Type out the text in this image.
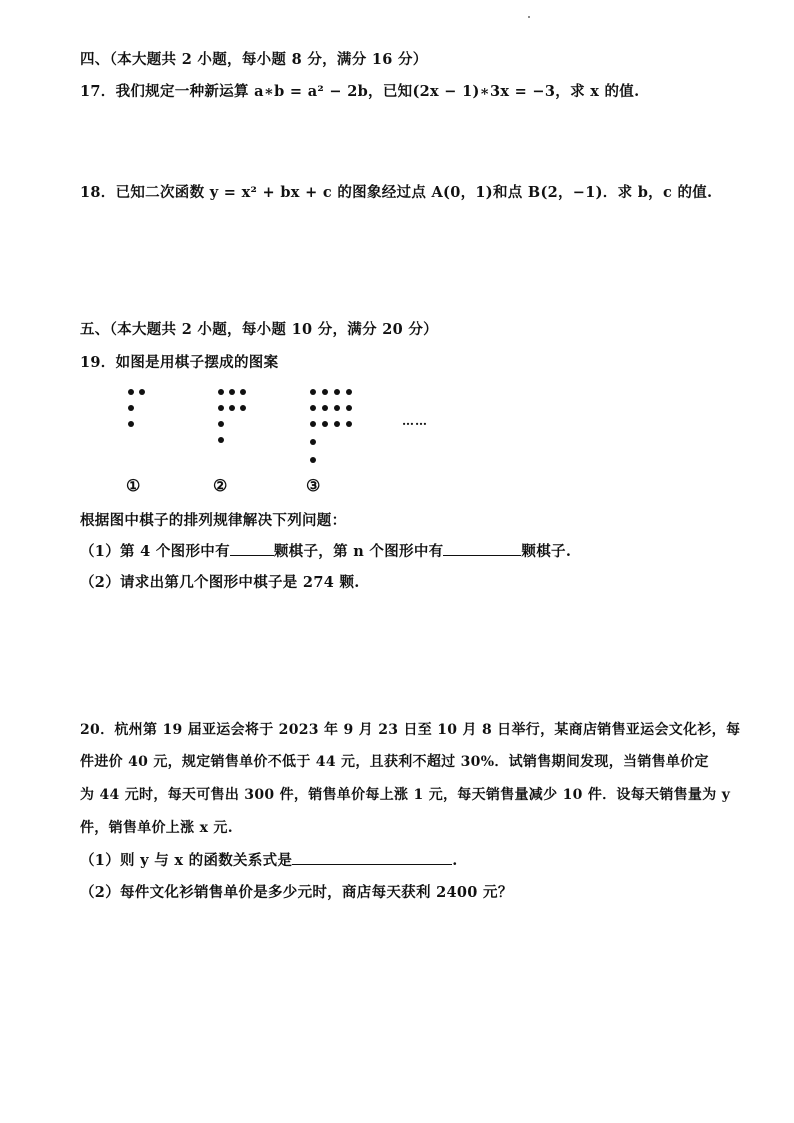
四、（本大题共 2 小题，每小题 8 分，满分 16 分）
17．我们规定一种新运算 a∗b = a² − 2b，已知(2x − 1)∗3x = −3，求 x 的值.
18．已知二次函数 y = x² + bx + c 的图象经过点 A(0，1)和点 B(2，−1)．求 b，c 的值.
五、（本大题共 2 小题，每小题 10 分，满分 20 分）
19．如图是用棋子摆成的图案
……
①	②	③
根据图中棋子的排列规律解决下列问题：
（1）第 4 个图形中有	颗棋子，第 n 个图形中有	颗棋子.
（2）请求出第几个图形中棋子是 274 颗.
20．杭州第 19 届亚运会将于 2023 年 9 月 23 日至 10 月 8 日举行，某商店销售亚运会文化衫，每
件进价 40 元，规定销售单价不低于 44 元，且获利不超过 30%．试销售期间发现，当销售单价定
为 44 元时，每天可售出 300 件，销售单价每上涨 1 元，每天销售量减少 10 件．设每天销售量为 y
件，销售单价上涨 x 元.
（1）则 y 与 x 的函数关系式是	.
（2）每件文化衫销售单价是多少元时，商店每天获利 2400 元？
